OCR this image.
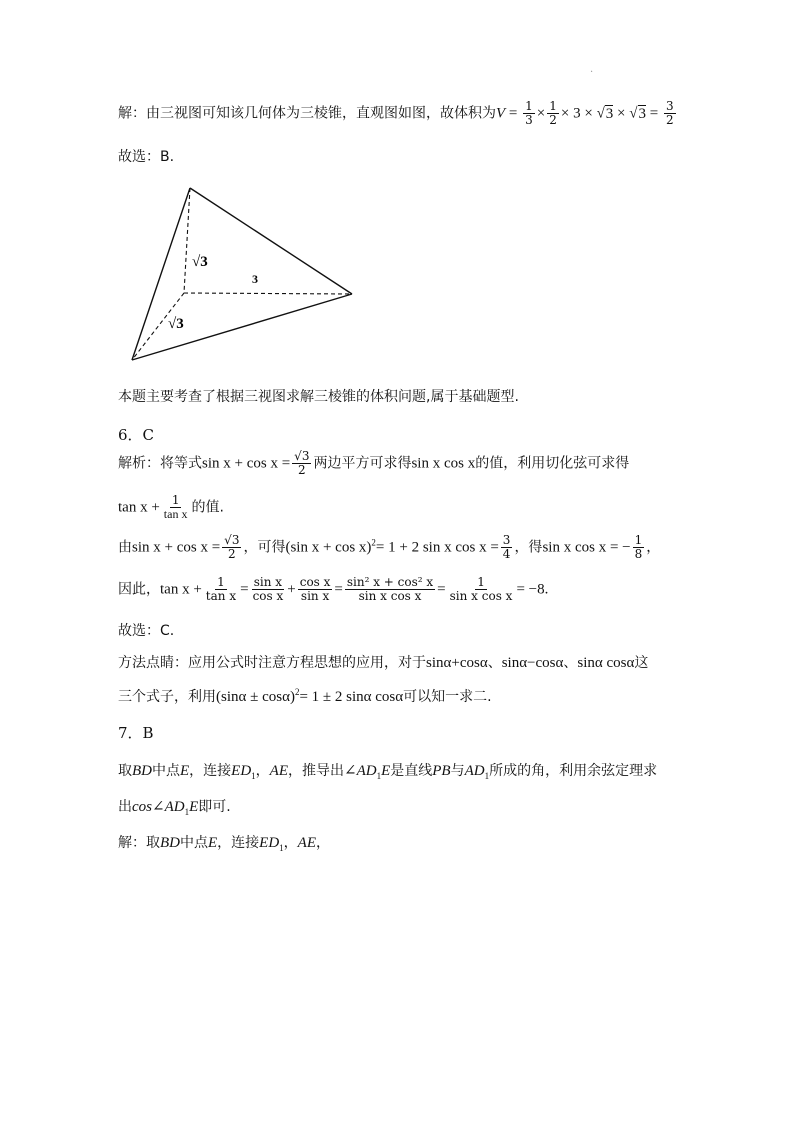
.
解：由三视图可知该几何体为三棱锥，直观图如图，故体积为$V = \frac{1}{3} \times \frac{1}{2} \times 3 \times √3 \times √3 = \frac{3}{2}$
故选：B.
√3
3
√3
本题主要考查了根据三视图求解三棱锥的体积问题,属于基础题型.
6．C
解析：将等式$\sin x + \cos x = \frac{√3}{2}$ 两边平方可求得sin x cos x的值，利用切化弦可求得
$\tan x + \frac{1}{\text{tan x}}$ 的值.
由$\sin x + \cos x = \frac{√3}{2}$ ，可得(sin x + cos x)$^2$= 1 + 2 sin x $\cos x = \frac{3}{4}$ ，得sin x cos x = − $\frac{1}{8}$ ，
因此，$\tan x + \frac{1}{\text{tan x}} = \frac{\text{sin x}}{\text{cos x}} + \frac{\text{cos x}}{\text{sin x}} = \frac{\text{sin² x + cos² x}}{\text{sin x cos x}} = \frac{1}{\text{sin x cos x}} = -8$.
故选：C.
方法点睛：应用公式时注意方程思想的应用，对于sinα+cosα、sinα−cosα、sinα cosα这
三个式子，利用$(\sin\alpha \pm \cos\alpha)^2= 1 \pm 2$ sinα cosα可以知一求二.
7．B
取BD中点E，连接$ED_1$，AE，推导出$\angle AD_1E$是直线PB与$AD_1$所成的角，利用余弦定理求
出$\cos\angle AD_1E$即可.
解：取BD中点E，连接$ED_1$，AE，
